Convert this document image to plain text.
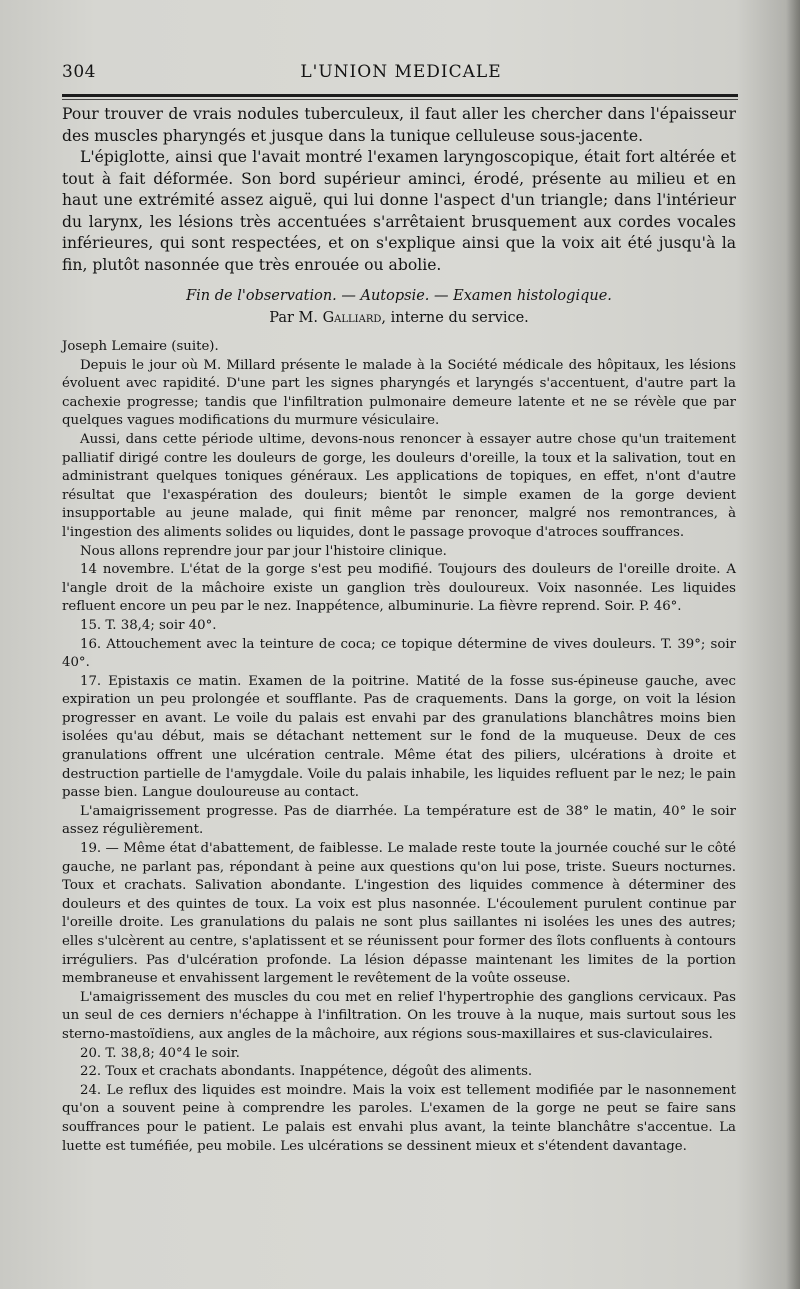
304	L'UNION MEDICALE

Pour trouver de vrais nodules tuberculeux, il faut aller les chercher dans l'épaisseur des muscles pharyngés et jusque dans la tunique celluleuse sous-jacente.

L'épiglotte, ainsi que l'avait montré l'examen laryngoscopique, était fort altérée et tout à fait déformée. Son bord supérieur aminci, érodé, présente au milieu et en haut une extrémité assez aiguë, qui lui donne l'aspect d'un triangle; dans l'intérieur du larynx, les lésions très accentuées s'arrêtaient brusquement aux cordes vocales inférieures, qui sont respectées, et on s'explique ainsi que la voix ait été jusqu'à la fin, plutôt nasonnée que très enrouée ou abolie.

Fin de l'observation. — Autopsie. — Examen histologique.
Par M. Galliard, interne du service.

Joseph Lemaire (suite).

Depuis le jour où M. Millard présente le malade à la Société médicale des hôpitaux, les lésions évoluent avec rapidité. D'une part les signes pharyngés et laryngés s'accentuent, d'autre part la cachexie progresse; tandis que l'infiltration pulmonaire demeure latente et ne se révèle que par quelques vagues modifications du murmure vésiculaire.

Aussi, dans cette période ultime, devons-nous renoncer à essayer autre chose qu'un traitement palliatif dirigé contre les douleurs de gorge, les douleurs d'oreille, la toux et la salivation, tout en administrant quelques toniques généraux. Les applications de topiques, en effet, n'ont d'autre résultat que l'exaspération des douleurs; bientôt le simple examen de la gorge devient insupportable au jeune malade, qui finit même par renoncer, malgré nos remontrances, à l'ingestion des aliments solides ou liquides, dont le passage provoque d'atroces souffrances.

Nous allons reprendre jour par jour l'histoire clinique.

14 novembre. L'état de la gorge s'est peu modifié. Toujours des douleurs de l'oreille droite. A l'angle droit de la mâchoire existe un ganglion très douloureux. Voix nasonnée. Les liquides refluent encore un peu par le nez. Inappétence, albuminurie. La fièvre reprend. Soir. P. 46°.

15. T. 38,4; soir 40°.

16. Attouchement avec la teinture de coca; ce topique détermine de vives douleurs. T. 39°; soir 40°.

17. Epistaxis ce matin. Examen de la poitrine. Matité de la fosse sus-épineuse gauche, avec expiration un peu prolongée et soufflante. Pas de craquements. Dans la gorge, on voit la lésion progresser en avant. Le voile du palais est envahi par des granulations blanchâtres moins bien isolées qu'au début, mais se détachant nettement sur le fond de la muqueuse. Deux de ces granulations offrent une ulcération centrale. Même état des piliers, ulcérations à droite et destruction partielle de l'amygdale. Voile du palais inhabile, les liquides refluent par le nez; le pain passe bien. Langue douloureuse au contact.

L'amaigrissement progresse. Pas de diarrhée. La température est de 38° le matin, 40° le soir assez régulièrement.

19. — Même état d'abattement, de faiblesse. Le malade reste toute la journée couché sur le côté gauche, ne parlant pas, répondant à peine aux questions qu'on lui pose, triste. Sueurs nocturnes. Toux et crachats. Salivation abondante. L'ingestion des liquides commence à déterminer des douleurs et des quintes de toux. La voix est plus nasonnée. L'écoulement purulent continue par l'oreille droite. Les granulations du palais ne sont plus saillantes ni isolées les unes des autres; elles s'ulcèrent au centre, s'aplatissent et se réunissent pour former des îlots confluents à contours irréguliers. Pas d'ulcération profonde. La lésion dépasse maintenant les limites de la portion membraneuse et envahissent largement le revêtement de la voûte osseuse.

L'amaigrissement des muscles du cou met en relief l'hypertrophie des ganglions cervicaux. Pas un seul de ces derniers n'échappe à l'infiltration. On les trouve à la nuque, mais surtout sous les sterno-mastoïdiens, aux angles de la mâchoire, aux régions sous-maxillaires et sus-claviculaires.

20. T. 38,8; 40°4 le soir.

22. Toux et crachats abondants. Inappétence, dégoût des aliments.

24. Le reflux des liquides est moindre. Mais la voix est tellement modifiée par le nasonnement qu'on a souvent peine à comprendre les paroles. L'examen de la gorge ne peut se faire sans souffrances pour le patient. Le palais est envahi plus avant, la teinte blanchâtre s'accentue. La luette est tuméfiée, peu mobile. Les ulcérations se dessinent mieux et s'étendent davantage.
